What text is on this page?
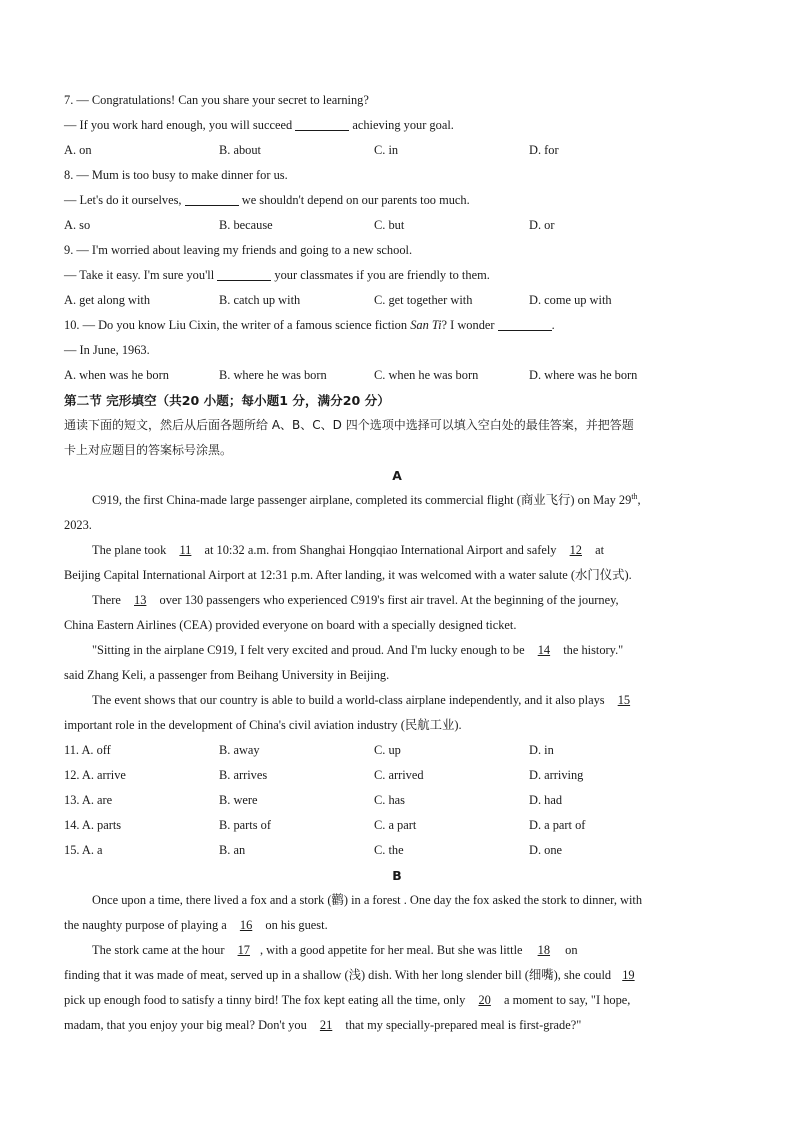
7. — Congratulations! Can you share your secret to learning?
— If you work hard enough, you will succeed	achieving your goal.
A. on	B. about	C. in	D. for
8. — Mum is too busy to make dinner for us.
— Let's do it ourselves,	we shouldn't depend on our parents too much.
A. so	B. because	C. but	D. or
9. — I'm worried about leaving my friends and going to a new school.
— Take it easy. I'm sure you'll	your classmates if you are friendly to them.
A. get along with	B. catch up with	C. get together with	D. come up with
10. — Do you know Liu Cixin, the writer of a famous science fiction San Ti? I wonder	.
— In June, 1963.
A. when was he born	B. where he was born	C. when he was born	D. where was he born
第二节 完形填空（共20 小题；每小题1 分，满分20 分）
通读下面的短文，然后从后面各题所给 A、B、C、D 四个选项中选择可以填入空白处的最佳答案，并把答题
卡上对应题目的答案标号涂黑。
A
C919, the first China-made large passenger airplane, completed its commercial flight (商业飞行) on May 29th,
2023.
The plane took 11 at 10:32 a.m. from Shanghai Hongqiao International Airport and safely 12 at
Beijing Capital International Airport at 12:31 p.m. After landing, it was welcomed with a water salute (水门仪式).
There 13 over 130 passengers who experienced C919's first air travel. At the beginning of the journey,
China Eastern Airlines (CEA) provided everyone on board with a specially designed ticket.
"Sitting in the airplane C919, I felt very excited and proud. And I'm lucky enough to be 14 the history."
said Zhang Keli, a passenger from Beihang University in Beijing.
The event shows that our country is able to build a world-class airplane independently, and it also plays 15
important role in the development of China's civil aviation industry (民航工业).
11. A. off	B. away	C. up	D. in
12. A. arrive	B. arrives	C. arrived	D. arriving
13. A. are	B. were	C. has	D. had
14. A. parts	B. parts of	C. a part	D. a part of
15. A. a	B. an	C. the	D. one
B
Once upon a time, there lived a fox and a stork (鹳) in a forest . One day the fox asked the stork to dinner, with
the naughty purpose of playing a 16 on his guest.
The stork came at the hour 17 , with a good appetite for her meal. But she was little 18 on
finding that it was made of meat, served up in a shallow (浅) dish. With her long slender bill (细嘴), she could 19
pick up enough food to satisfy a tinny bird! The fox kept eating all the time, only 20 a moment to say, "I hope,
madam, that you enjoy your big meal? Don't you 21 that my specially-prepared meal is first-grade?"
